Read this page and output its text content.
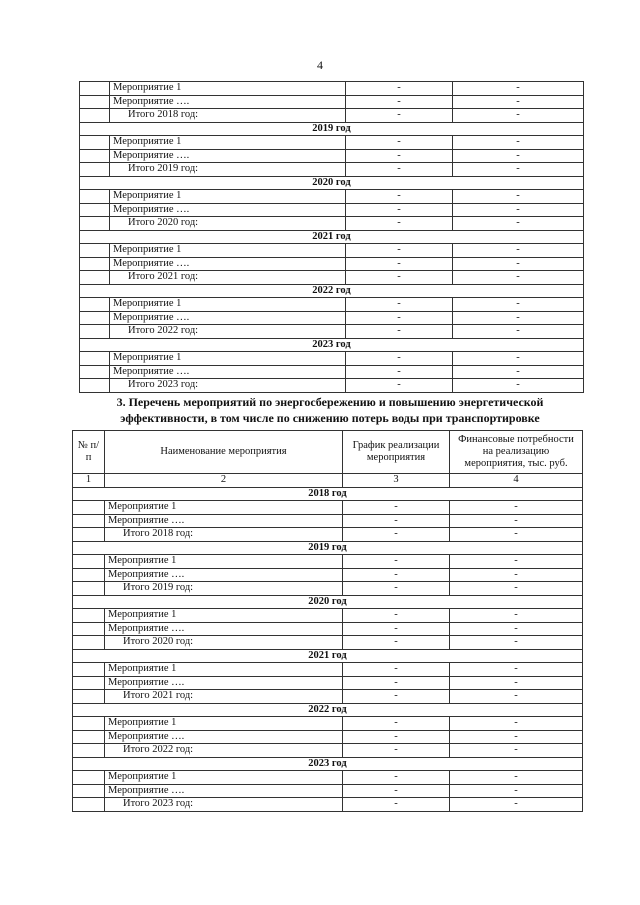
4
	Мероприятие 1	-	-
	Мероприятие ….	-	-
	Итого 2018 год:	-	-
2019 год			
	Мероприятие 1	-	-
	Мероприятие ….	-	-
	Итого 2019 год:	-	-
2020 год			
	Мероприятие 1	-	-
	Мероприятие ….	-	-
	Итого 2020 год:	-	-
2021 год			
	Мероприятие 1	-	-
	Мероприятие ….	-	-
	Итого 2021 год:	-	-
2022 год			
	Мероприятие 1	-	-
	Мероприятие ….	-	-
	Итого 2022 год:	-	-
2023 год			
	Мероприятие 1	-	-
	Мероприятие ….	-	-
	Итого 2023 год:	-	-
3. Перечень мероприятий по энергосбережению и повышению энергетической эффективности, в том числе по снижению потерь воды при транспортировке
№ п/п	Наименование мероприятия	График реализации мероприятия	Финансовые потребности на реализацию мероприятия, тыс. руб.
1	2	3	4
2018 год			
	Мероприятие 1	-	-
	Мероприятие ….	-	-
	Итого 2018 год:	-	-
2019 год			
	Мероприятие 1	-	-
	Мероприятие ….	-	-
	Итого 2019 год:	-	-
2020 год			
	Мероприятие 1	-	-
	Мероприятие ….	-	-
	Итого 2020 год:	-	-
2021 год			
	Мероприятие 1	-	-
	Мероприятие ….	-	-
	Итого 2021 год:	-	-
2022 год			
	Мероприятие 1	-	-
	Мероприятие ….	-	-
	Итого 2022 год:	-	-
2023 год			
	Мероприятие 1	-	-
	Мероприятие ….	-	-
	Итого 2023 год:	-	-
